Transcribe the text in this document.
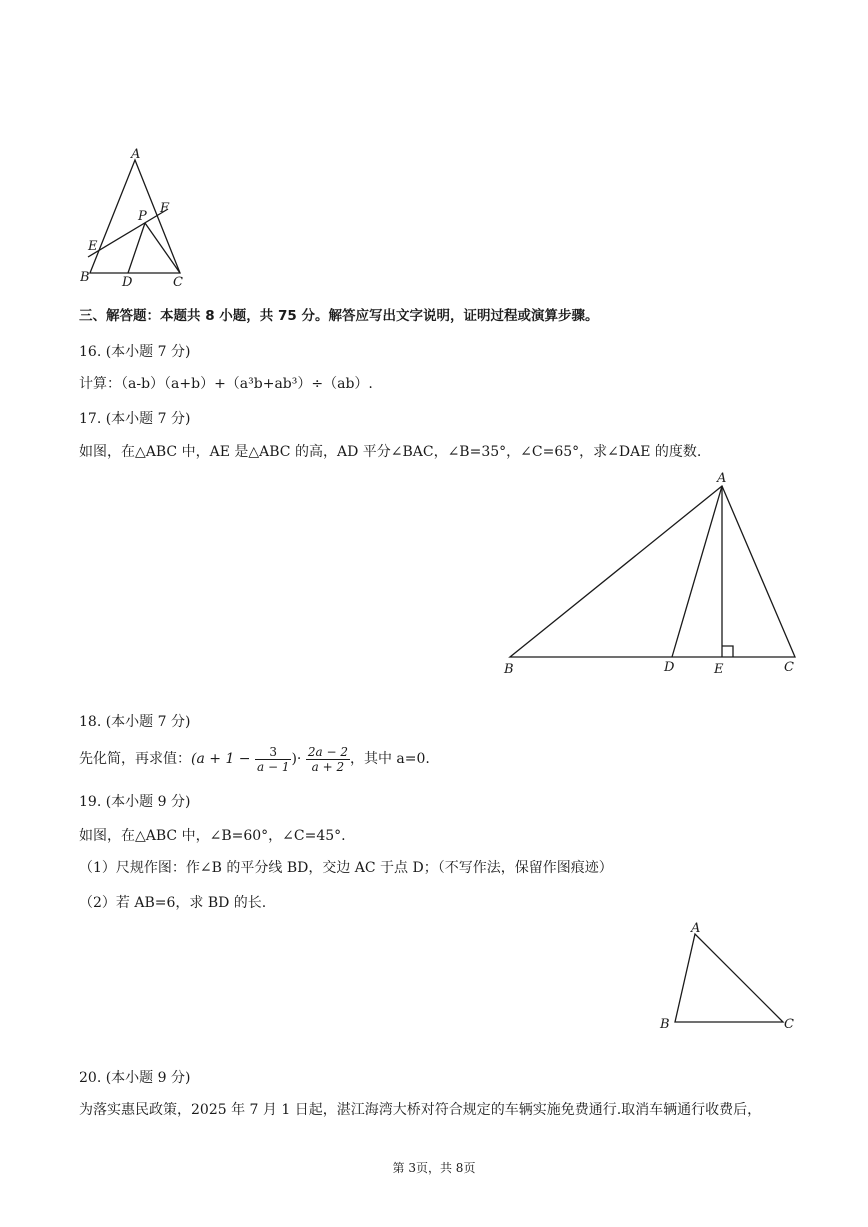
A
B	C
D
E
F
P
三、解答题：本题共 8 小题，共 75 分。解答应写出文字说明，证明过程或演算步骤。
16. (本小题 7 分)
计算：（a-b）（a+b）+（a³b+ab³）÷（ab）.
17. (本小题 7 分)
如图，在△ABC 中，AE 是△ABC 的高，AD 平分∠BAC，∠B=35°，∠C=65°，求∠DAE 的度数.
A
B	D	E	C
18. (本小题 7 分)
先化简，再求值：($a + 1 - \frac{3}{a - 1}$ )· $\frac{2a - 2}{a + 2}$ ，其中 a=0.
19. (本小题 9 分)
如图，在△ABC 中，∠B=60°，∠C=45°.
（1）尺规作图：作∠B 的平分线 BD，交边 AC 于点 D；（不写作法，保留作图痕迹）
（2）若 AB=6，求 BD 的长.
A
B	C
20. (本小题 9 分)
为落实惠民政策，2025 年 7 月 1 日起，湛江海湾大桥对符合规定的车辆实施免费通行.取消车辆通行收费后，
第 3页，共 8页
